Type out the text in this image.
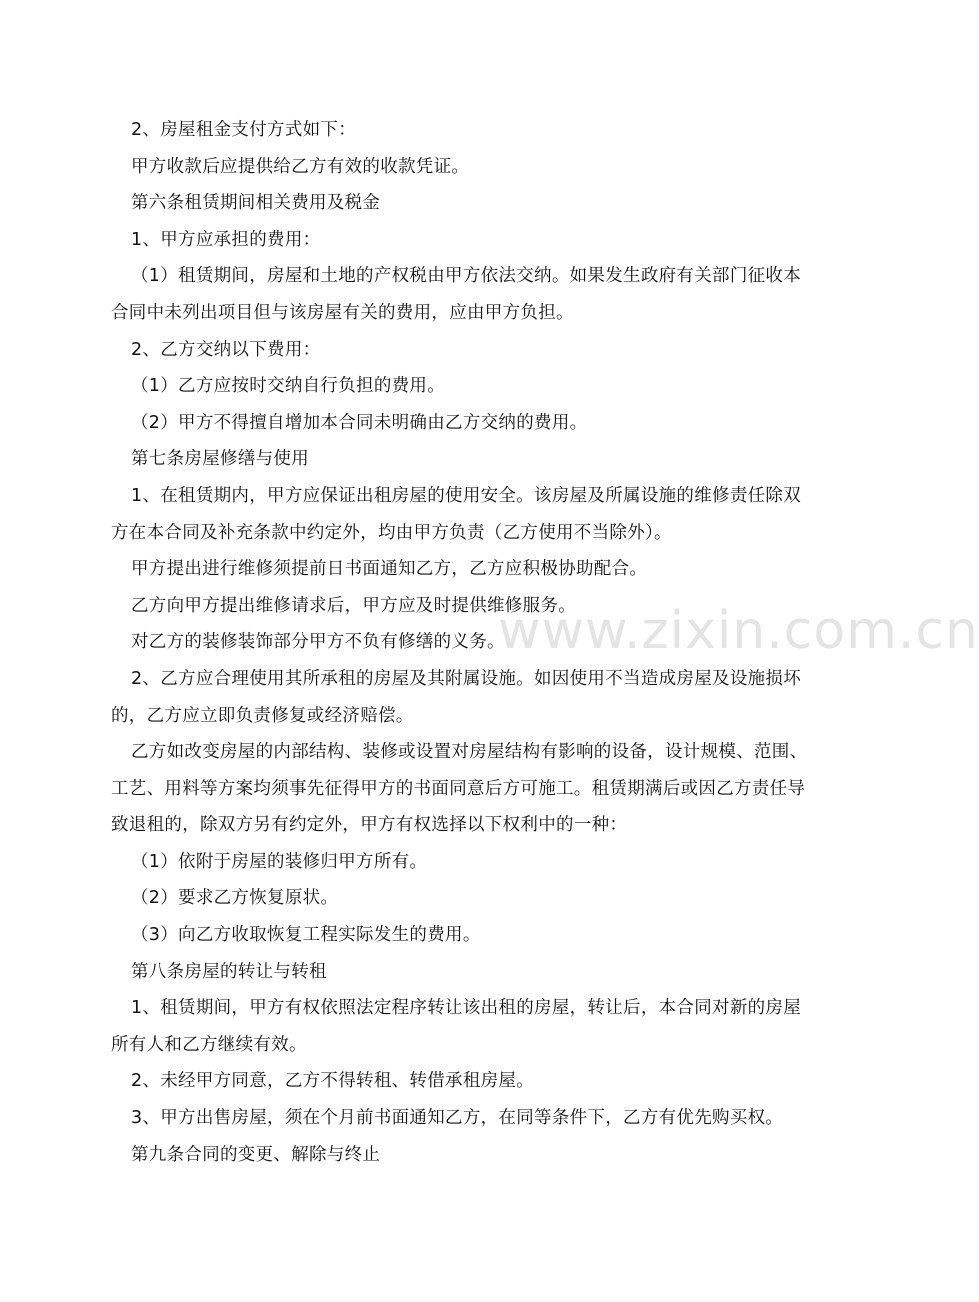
www.zixin.com.cn

2、房屋租金支付方式如下：

甲方收款后应提供给乙方有效的收款凭证。

第六条租赁期间相关费用及税金

1、甲方应承担的费用：

（1）租赁期间，房屋和土地的产权税由甲方依法交纳。如果发生政府有关部门征收本合同中未列出项目但与该房屋有关的费用，应由甲方负担。

2、乙方交纳以下费用：

（1）乙方应按时交纳自行负担的费用。

（2）甲方不得擅自增加本合同未明确由乙方交纳的费用。

第七条房屋修缮与使用

1、在租赁期内，甲方应保证出租房屋的使用安全。该房屋及所属设施的维修责任除双方在本合同及补充条款中约定外，均由甲方负责（乙方使用不当除外）。

甲方提出进行维修须提前日书面通知乙方，乙方应积极协助配合。

乙方向甲方提出维修请求后，甲方应及时提供维修服务。

对乙方的装修装饰部分甲方不负有修缮的义务。

2、乙方应合理使用其所承租的房屋及其附属设施。如因使用不当造成房屋及设施损坏的，乙方应立即负责修复或经济赔偿。

乙方如改变房屋的内部结构、装修或设置对房屋结构有影响的设备，设计规模、范围、工艺、用料等方案均须事先征得甲方的书面同意后方可施工。租赁期满后或因乙方责任导致退租的，除双方另有约定外，甲方有权选择以下权利中的一种：

（1）依附于房屋的装修归甲方所有。

（2）要求乙方恢复原状。

（3）向乙方收取恢复工程实际发生的费用。

第八条房屋的转让与转租

1、租赁期间，甲方有权依照法定程序转让该出租的房屋，转让后，本合同对新的房屋所有人和乙方继续有效。

2、未经甲方同意，乙方不得转租、转借承租房屋。

3、甲方出售房屋，须在个月前书面通知乙方，在同等条件下，乙方有优先购买权。

第九条合同的变更、解除与终止
